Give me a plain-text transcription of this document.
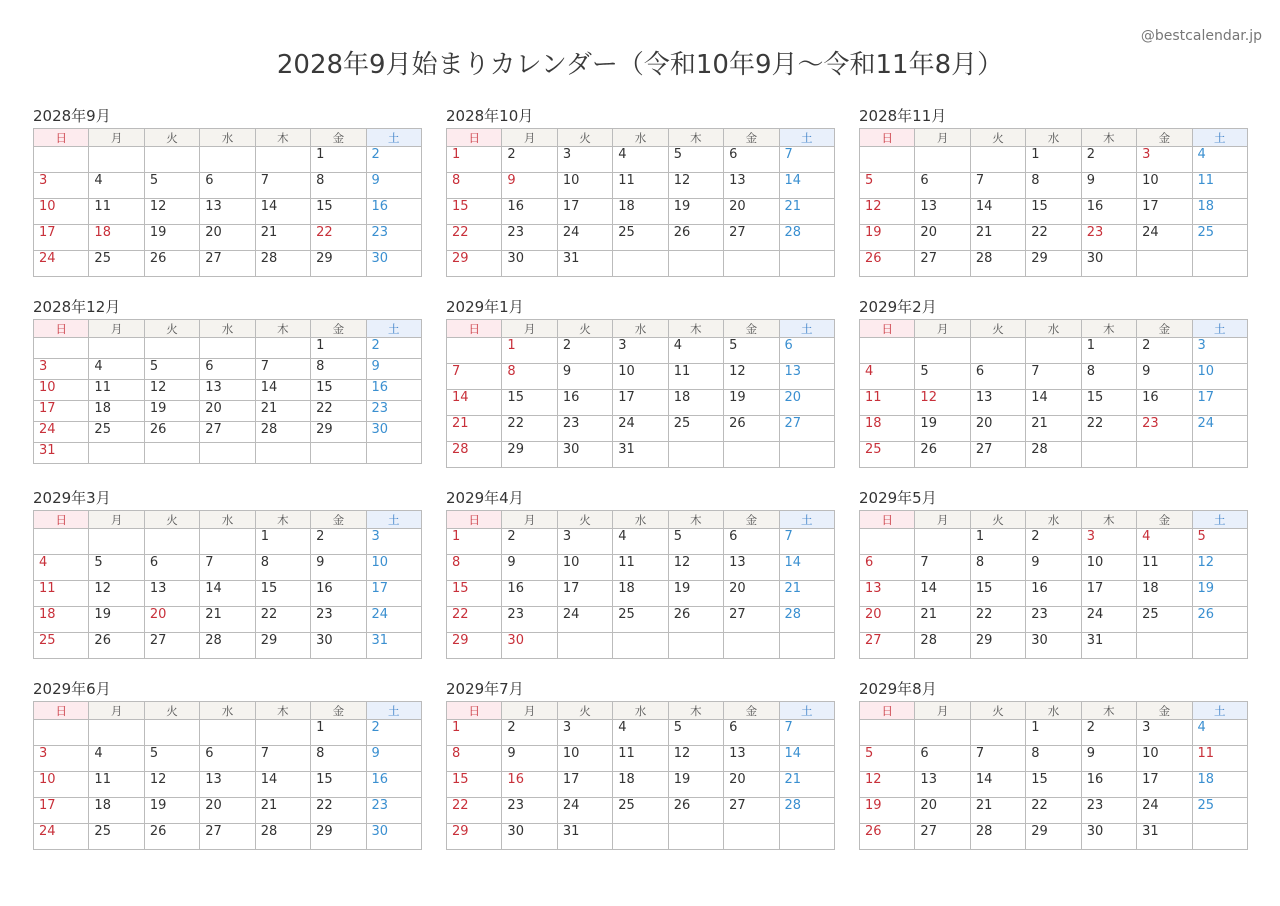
@bestcalendar.jp
2028年9月始まりカレンダー（令和10年9月〜令和11年8月）
2028年9月
日	月	火	水	木	金	土
					1	2
3	4	5	6	7	8	9
10	11	12	13	14	15	16
17	18	19	20	21	22	23
24	25	26	27	28	29	30
2028年10月
日	月	火	水	木	金	土
1	2	3	4	5	6	7
8	9	10	11	12	13	14
15	16	17	18	19	20	21
22	23	24	25	26	27	28
29	30	31				
2028年11月
日	月	火	水	木	金	土
			1	2	3	4
5	6	7	8	9	10	11
12	13	14	15	16	17	18
19	20	21	22	23	24	25
26	27	28	29	30		
2028年12月
日	月	火	水	木	金	土
					1	2
3	4	5	6	7	8	9
10	11	12	13	14	15	16
17	18	19	20	21	22	23
24	25	26	27	28	29	30
31						
2029年1月
日	月	火	水	木	金	土
	1	2	3	4	5	6
7	8	9	10	11	12	13
14	15	16	17	18	19	20
21	22	23	24	25	26	27
28	29	30	31			
2029年2月
日	月	火	水	木	金	土
				1	2	3
4	5	6	7	8	9	10
11	12	13	14	15	16	17
18	19	20	21	22	23	24
25	26	27	28			
2029年3月
日	月	火	水	木	金	土
				1	2	3
4	5	6	7	8	9	10
11	12	13	14	15	16	17
18	19	20	21	22	23	24
25	26	27	28	29	30	31
2029年4月
日	月	火	水	木	金	土
1	2	3	4	5	6	7
8	9	10	11	12	13	14
15	16	17	18	19	20	21
22	23	24	25	26	27	28
29	30					
2029年5月
日	月	火	水	木	金	土
		1	2	3	4	5
6	7	8	9	10	11	12
13	14	15	16	17	18	19
20	21	22	23	24	25	26
27	28	29	30	31		
2029年6月
日	月	火	水	木	金	土
					1	2
3	4	5	6	7	8	9
10	11	12	13	14	15	16
17	18	19	20	21	22	23
24	25	26	27	28	29	30
2029年7月
日	月	火	水	木	金	土
1	2	3	4	5	6	7
8	9	10	11	12	13	14
15	16	17	18	19	20	21
22	23	24	25	26	27	28
29	30	31				
2029年8月
日	月	火	水	木	金	土
			1	2	3	4
5	6	7	8	9	10	11
12	13	14	15	16	17	18
19	20	21	22	23	24	25
26	27	28	29	30	31	
